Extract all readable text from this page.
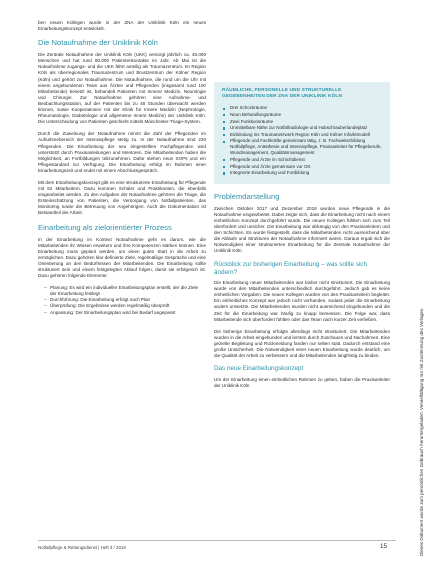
ben neuen Kollegen wurde in der ZNA der Uniklinik Köln ein neues Einarbeitungskonzept entwickelt.

Die Notaufnahme der Uniklinik Köln

Die Zentrale Notaufnahme der Uniklinik Köln (UKK) versorgt jährlich ca. 45.000 Menschen und hat rund 80.000 Patientenkontakte im Jahr. Ab Mai ist die Notaufnahme zugangs- und die UKK fährt anteilig als Traumazentrum. Im Region Köln als überregionales Traumazentrum und Brustzentrum der Kölner Region (Köln) und gehört zur Notaufnahme. Die Notaufnahme, die rund um die Uhr mit einem angebundenen Team aus Ärzten und Pflegenden (insgesamt rund 100 Mitarbeitende) besetzt ist, behandelt Patienten mit Innerer Medizin, Neurologie und Chirurgie. Zur Notaufnahme gehören eine Aufnahme- und Beobachtungsstation, auf der Patienten bis zu 48 Stunden überwacht werden können, sowie Kooperationen mit der Klinik für Innere Medizin (Nephrologie, Rheumatologie, Diabetologie und allgemeine Innere Medizin) der Uniklinik Köln. Die Unterscheidung von Patienten geschieht mittels Manchester-Triage-System.

Durch die Zuweisung der Notaufnahme nimmt die Zahl der Pflegenden im Aufnahmebereich der Intensivpflege stetig zu. In der Notaufnahme sind 230 Pflegenden. Die Einarbeitung der neu eingestellten Fachpflegenden wird unterstützt durch Praxisanleitungen und Mentoren. Die Mitarbeitenden haben die Möglichkeit, an Fortbildungen teilzunehmen. Dafür stehen neun SOPs und ein Pflegestandard zur Verfügung. Die Einarbeitung erfolgt im Rahmen einer Einarbeitungszeit und endet mit einem Abschlussgespräch.

Mit dem Einarbeitungskonzept gibt es eine strukturierte Einarbeitung für Pflegende mit 62 Mitarbeitern. Dazu kommen Schüler und Praktikanten, die ebenfalls eingearbeitet werden. Zu den Aufgaben der Notaufnahme gehören die Triage, die Ersteinschätzung von Patienten, die Versorgung von Notfallpatienten, das Monitoring sowie die Betreuung von Angehörigen. Auch die Dokumentation ist Bestandteil der Arbeit.

Einarbeitung als zielorientierter Prozess

In der Einarbeitung im Kontext Notaufnahme geht es darum, wie die Mitarbeitenden ihr Wissen erweitern und ihre Kompetenzen stärken können. Eine Einarbeitung muss geplant werden, um einen guten Start in die Arbeit zu ermöglichen. Dazu gehören klar definierte Ziele, regelmäßige Gespräche und eine Orientierung an den Bedürfnissen der Mitarbeitenden. Die Einarbeitung sollte strukturiert sein und einem festgelegten Ablauf folgen, damit sie erfolgreich ist. Dazu gehören folgende Elemente:

– Planung: Es wird ein individueller Einarbeitungsplan erstellt, der die Ziele der Einarbeitung festlegt
– Durchführung: Die Einarbeitung erfolgt nach Plan
– Überprüfung: Die Ergebnisse werden regelmäßig überprüft
– Anpassung: Der Einarbeitungsplan wird bei Bedarf angepasst
RÄUMLICHE, PERSONELLE UND STRUKTURELLE GEGEBENHEITEN DER ZNA DER UNIKLINIK KÖLN
Drei Schockräume
Neun Behandlungsräume
Zwei Funktionsräume
Unmittelbare Nähe zur Notfallradiologie und Hubschrauberlandeplatz
Einbindung ins Traumanetzwerk Region Köln und Kölner Infarktmodell
Pflegende und Fachkräfte gemeinsam tätig, z. B. Fachweiterbildung Notfallpflege, Anästhesie und Intensivpflege, Praxisanleiter für Pflegeberufe, Wundmanagement, Qualitätsmanagement
Pflegende und Ärzte im Schichtdienst
Pflegende und Ärzte gemeinsam vor Ort
Integrierte Einarbeitung und Fortbildung
Problemdarstellung

Zwischen Oktober 2017 und Dezember 2018 wurden neue Pflegende in die Notaufnahme eingearbeitet. Dabei zeigte sich, dass die Einarbeitung nicht nach einem einheitlichen Konzept durchgeführt wurde. Die neuen Kollegen fühlten sich zum Teil überfordert und unsicher. Die Einarbeitung war abhängig von den Praxisanleitern und den Schichten. Es wurde festgestellt, dass die Mitarbeitenden nicht ausreichend über die Abläufe und Strukturen der Notaufnahme informiert waren. Daraus ergab sich die Notwendigkeit einer strukturierten Einarbeitung für die Zentrale Notaufnahme der Uniklinik Köln.

Rückblick zur bisherigen Einarbeitung – was sollte sich ändern?

Die Einarbeitung neuer Mitarbeitenden war bisher nicht strukturiert. Die Einarbeitung wurde von den Mitarbeitenden unterschiedlich durchgeführt. Jedoch gab es keine einheitlichen Vorgaben. Die neuen Kollegen wurden von den Praxisanleitern begleitet. Ein einheitliches Konzept war jedoch nicht vorhanden, sodass jeder die Einarbeitung anders umsetzte. Die Mitarbeitenden wurden nicht ausreichend eingebunden und die Zeit für die Einarbeitung war häufig zu knapp bemessen. Die Folge war, dass Mitarbeitende sich überfordert fühlten oder das Team nach kurzer Zeit verließen.

Die bisherige Einarbeitung erfolgte allerdings nicht strukturiert. Die Mitarbeitenden wurden in die Arbeit eingebunden und lernten durch Zuschauen und Nachahmen. Eine gezielte Begleitung und Rückmeldung fanden nur selten statt. Dadurch entstand eine große Unsicherheit. Die Notwendigkeit einer neuen Einarbeitung wurde deutlich, um die Qualität der Arbeit zu verbessern und die Mitarbeitenden langfristig zu binden.

Das neue Einarbeitungskonzept

Um der Einarbeitung einen einheitlichen Rahmen zu geben, haben die Praxisanleiter der Uniklinik Köln	Dieses Dokument wurde zum persönlichen Gebrauch heruntergeladen. Vervielfältigung nur mit Zustimmung des Verlages.
Notfallpflege & Rettungsdienst | Heft 3 / 2019	15
